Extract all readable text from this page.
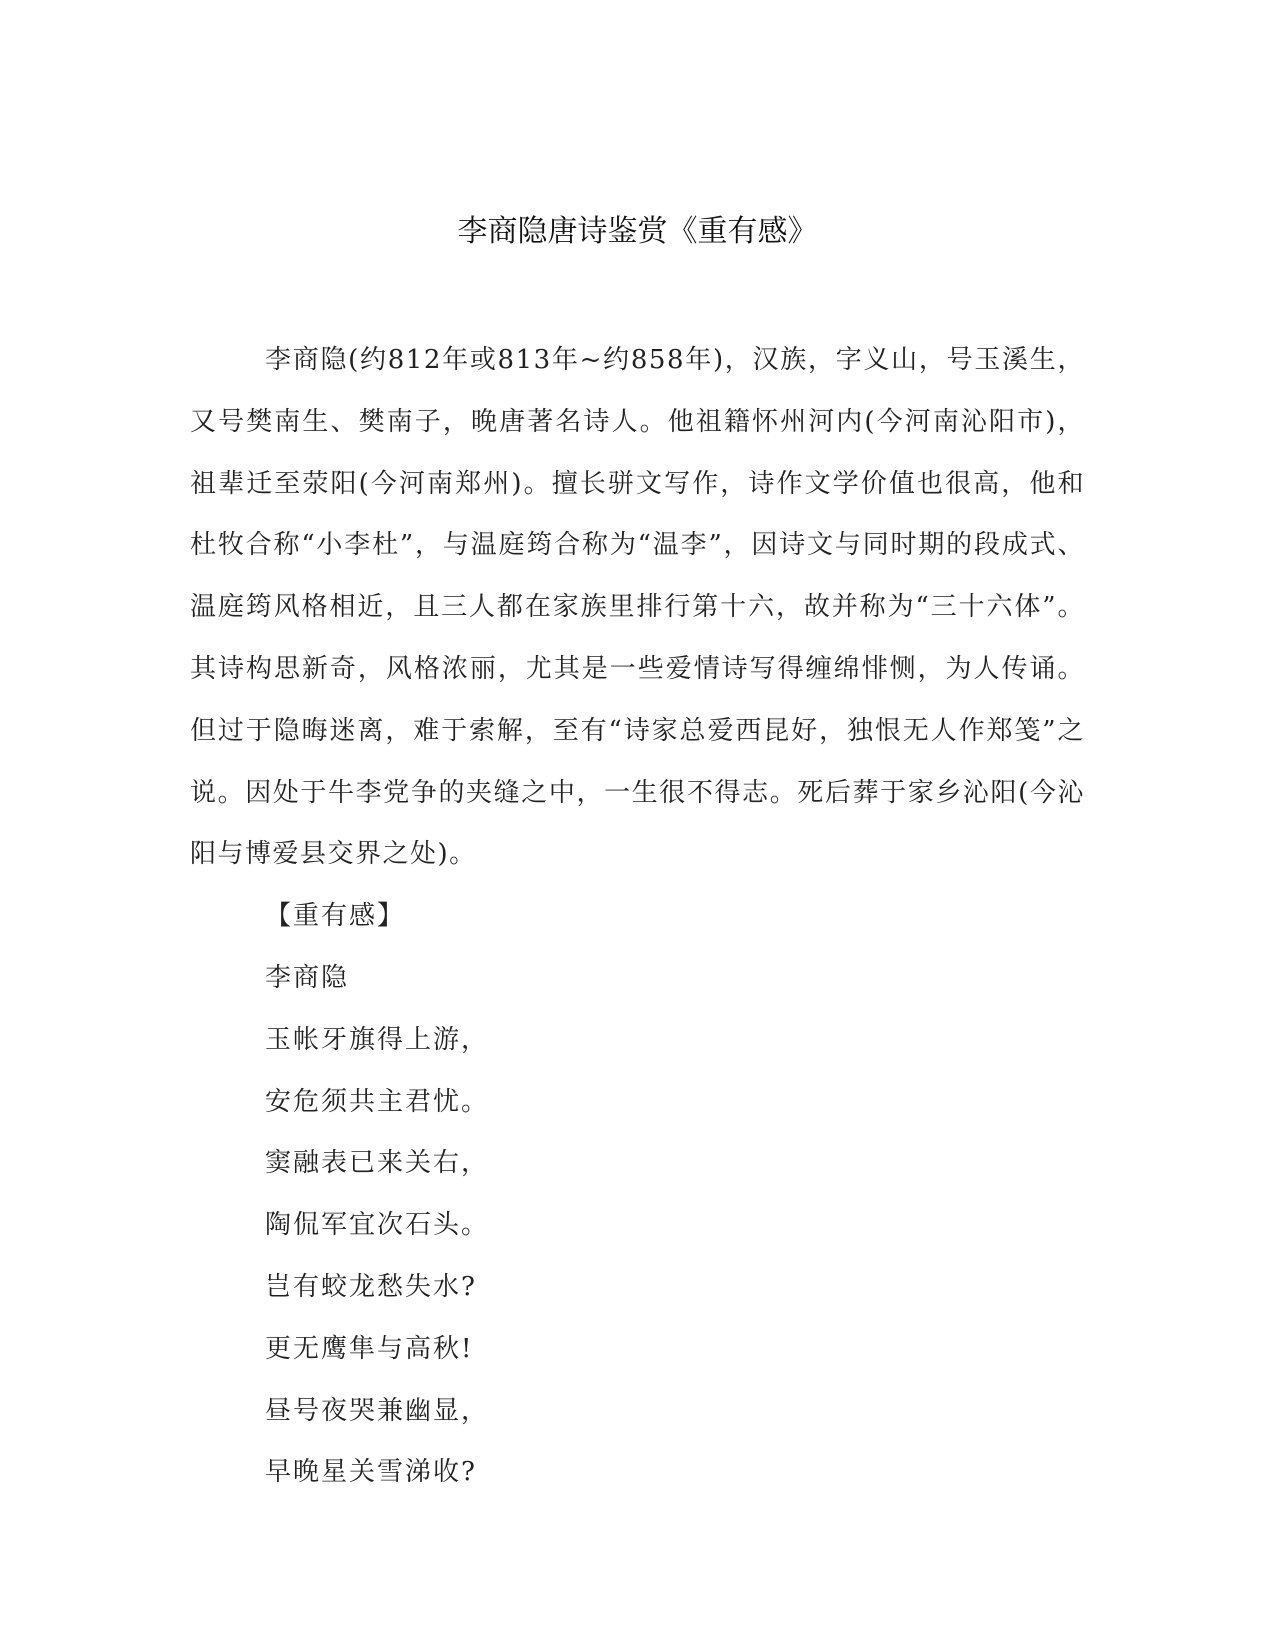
李商隐唐诗鉴赏《重有感》

李商隐(约812年或813年~约858年)，汉族，字义山，号玉溪生，又号樊南生、樊南子，晚唐著名诗人。他祖籍怀州河内(今河南沁阳市)，祖辈迁至荥阳(今河南郑州)。擅长骈文写作，诗作文学价值也很高，他和杜牧合称“小李杜”，与温庭筠合称为“温李”，因诗文与同时期的段成式、温庭筠风格相近，且三人都在家族里排行第十六，故并称为“三十六体”。其诗构思新奇，风格浓丽，尤其是一些爱情诗写得缠绵悱恻，为人传诵。但过于隐晦迷离，难于索解，至有“诗家总爱西昆好，独恨无人作郑笺”之说。因处于牛李党争的夹缝之中，一生很不得志。死后葬于家乡沁阳(今沁阳与博爱县交界之处)。

【重有感】

李商隐

玉帐牙旗得上游，

安危须共主君忧。

窦融表已来关右，

陶侃军宜次石头。

岂有蛟龙愁失水?

更无鹰隼与高秋!

昼号夜哭兼幽显，

早晚星关雪涕收?
